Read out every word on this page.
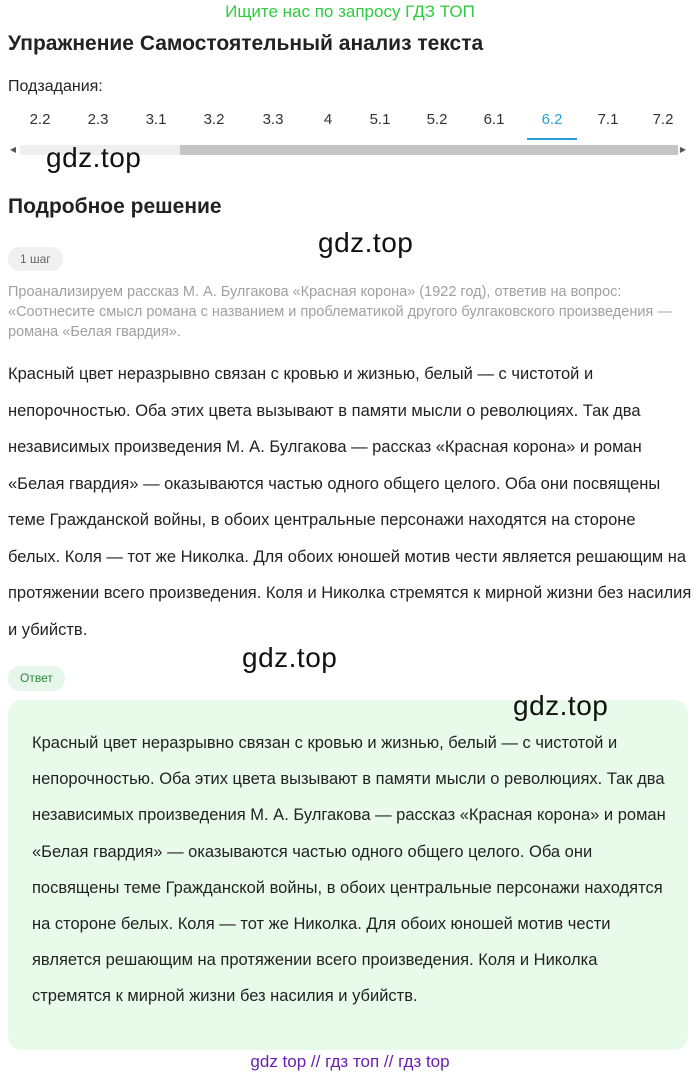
Ищите нас по запросу ГДЗ ТОП
Упражнение Самостоятельный анализ текста
Подзадания:
2.2	2.3	3.1	3.2	3.3	4	5.1	5.2	6.1	6.2	7.1	7.2
◀	▶
gdz.top
Подробное решение
gdz.top
1 шаг
Проанализируем рассказ М. А. Булгакова «Красная корона» (1922 год), ответив на вопрос: «Соотнесите смысл романа с названием и проблематикой другого булгаковского произведения — романа «Белая гвардия».
Красный цвет неразрывно связан с кровью и жизнью, белый — с чистотой и непорочностью. Оба этих цвета вызывают в памяти мысли о революциях. Так два независимых произведения М. А. Булгакова — рассказ «Красная корона» и роман «Белая гвардия» — оказываются частью одного общего целого. Оба они посвящены теме Гражданской войны, в обоих центральные персонажи находятся на стороне белых. Коля — тот же Николка. Для обоих юношей мотив чести является решающим на протяжении всего произведения. Коля и Николка стремятся к мирной жизни без насилия и убийств.
gdz.top
Ответ
gdz.top
Красный цвет неразрывно связан с кровью и жизнью, белый — с чистотой и непорочностью. Оба этих цвета вызывают в памяти мысли о революциях. Так два независимых произведения М. А. Булгакова — рассказ «Красная корона» и роман «Белая гвардия» — оказываются частью одного общего целого. Оба они посвящены теме Гражданской войны, в обоих центральные персонажи находятся на стороне белых. Коля — тот же Николка. Для обоих юношей мотив чести является решающим на протяжении всего произведения. Коля и Николка стремятся к мирной жизни без насилия и убийств.
gdz top // гдз топ // гдз top
